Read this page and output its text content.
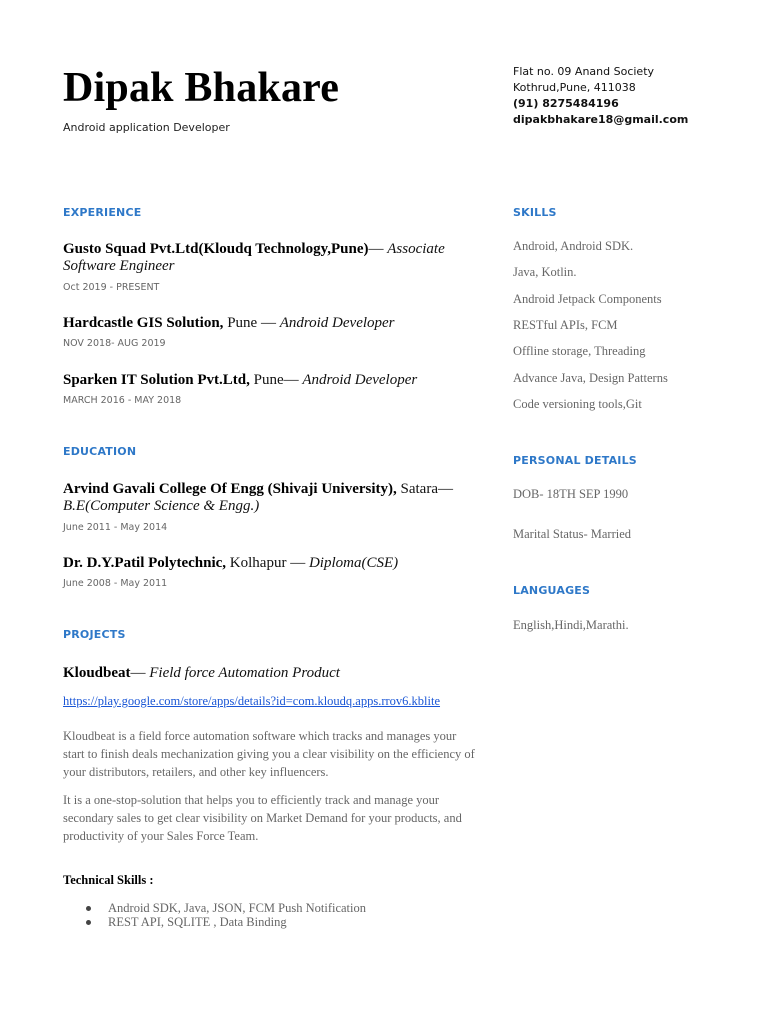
Dipak Bhakare
Android application Developer
Flat no. 09 Anand Society
Kothrud,Pune, 411038
(91) 8275484196
dipakbhakare18@gmail.com
EXPERIENCE
Gusto Squad Pvt.Ltd(Kloudq Technology,Pune)— Associate
Software Engineer
Oct 2019 - PRESENT
Hardcastle GIS Solution, Pune — Android Developer
NOV 2018- AUG 2019
Sparken IT Solution Pvt.Ltd, Pune— Android Developer
MARCH 2016 - MAY 2018
EDUCATION
Arvind Gavali College Of Engg (Shivaji University), Satara—
B.E(Computer Science & Engg.)
June 2011 - May 2014
Dr. D.Y.Patil Polytechnic, Kolhapur — Diploma(CSE)
June 2008 - May 2011
PROJECTS
Kloudbeat— Field force Automation Product
https://play.google.com/store/apps/details?id=com.kloudq.apps.rrov6.kblite
Kloudbeat is a field force automation software which tracks and manages your start to finish deals mechanization giving you a clear visibility on the efficiency of your distributors, retailers, and other key influencers.
It is a one-stop-solution that helps you to efficiently track and manage your secondary sales to get clear visibility on Market Demand for your products, and productivity of your Sales Force Team.
Technical Skills :
Android SDK, Java, JSON, FCM Push Notification
REST API, SQLITE , Data Binding
SKILLS
Android, Android SDK.
Java, Kotlin.
Android Jetpack Components
RESTful APIs, FCM
Offline storage, Threading
Advance Java, Design Patterns
Code versioning tools,Git
PERSONAL DETAILS
DOB- 18TH SEP 1990
Marital Status- Married
LANGUAGES
English,Hindi,Marathi.
